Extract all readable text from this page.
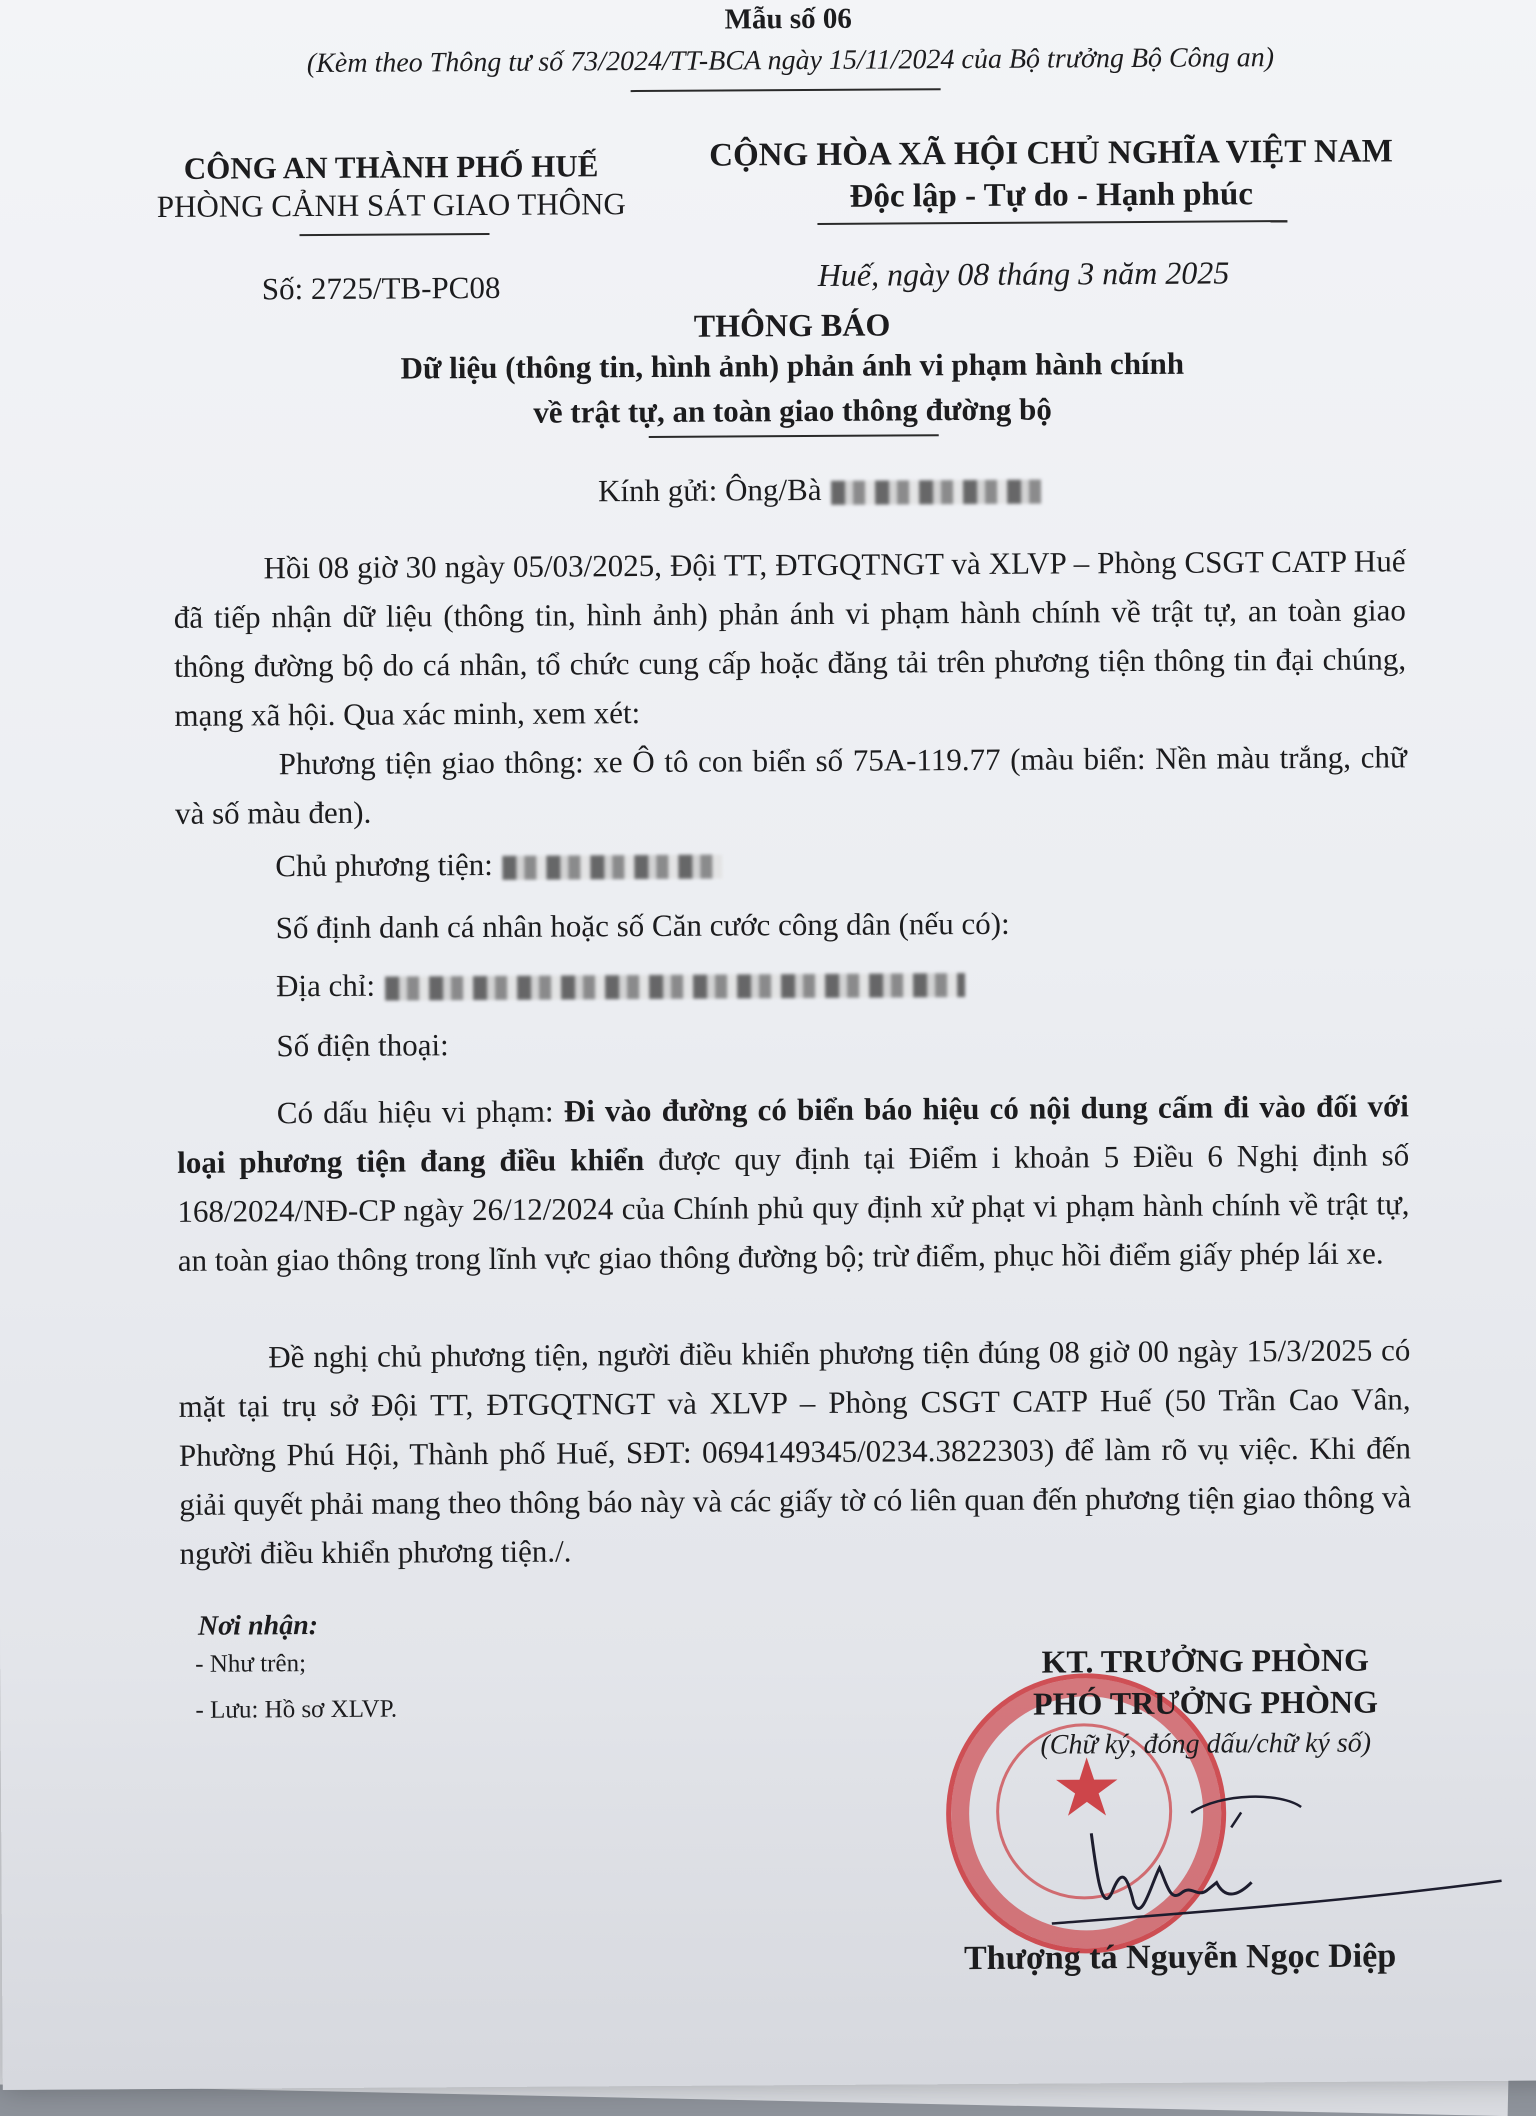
Mẫu số 06
(Kèm theo Thông tư số 73/2024/TT-BCA ngày 15/11/2024 của Bộ trưởng Bộ Công an)
CÔNG AN THÀNH PHỐ HUẾ
PHÒNG CẢNH SÁT GIAO THÔNG
CỘNG HÒA XÃ HỘI CHỦ NGHĨA VIỆT NAM
Độc lập - Tự do - Hạnh phúc
Số: 2725/TB-PC08	Huế, ngày 08 tháng 3 năm 2025
THÔNG BÁO
Dữ liệu (thông tin, hình ảnh) phản ánh vi phạm hành chính
về trật tự, an toàn giao thông đường bộ
Kính gửi: Ông/Bà
Hồi 08 giờ 30 ngày 05/03/2025, Đội TT, ĐTGQTNGT và XLVP – Phòng CSGT CATP Huế đã tiếp nhận dữ liệu (thông tin, hình ảnh) phản ánh vi phạm hành chính về trật tự, an toàn giao thông đường bộ do cá nhân, tổ chức cung cấp hoặc đăng tải trên phương tiện thông tin đại chúng, mạng xã hội. Qua xác minh, xem xét:
Phương tiện giao thông: xe Ô tô con biển số 75A-119.77 (màu biển: Nền màu trắng, chữ và số màu đen).
Chủ phương tiện:
Số định danh cá nhân hoặc số Căn cước công dân (nếu có):
Địa chỉ:
Số điện thoại:
Có dấu hiệu vi phạm: Đi vào đường có biển báo hiệu có nội dung cấm đi vào đối với loại phương tiện đang điều khiển được quy định tại Điểm i khoản 5 Điều 6 Nghị định số 168/2024/NĐ-CP ngày 26/12/2024 của Chính phủ quy định xử phạt vi phạm hành chính về trật tự, an toàn giao thông trong lĩnh vực giao thông đường bộ; trừ điểm, phục hồi điểm giấy phép lái xe.
Đề nghị chủ phương tiện, người điều khiển phương tiện đúng 08 giờ 00 ngày 15/3/2025 có mặt tại trụ sở Đội TT, ĐTGQTNGT và XLVP – Phòng CSGT CATP Huế (50 Trần Cao Vân, Phường Phú Hội, Thành phố Huế, SĐT: 0694149345/0234.3822303) để làm rõ vụ việc. Khi đến giải quyết phải mang theo thông báo này và các giấy tờ có liên quan đến phương tiện giao thông và người điều khiển phương tiện./.
Nơi nhận:
- Như trên;
- Lưu: Hồ sơ XLVP.
★
KT. TRƯỞNG PHÒNG
PHÓ TRƯỞNG PHÒNG
(Chữ ký, đóng dấu/chữ ký số)
Thượng tá Nguyễn Ngọc Diệp
